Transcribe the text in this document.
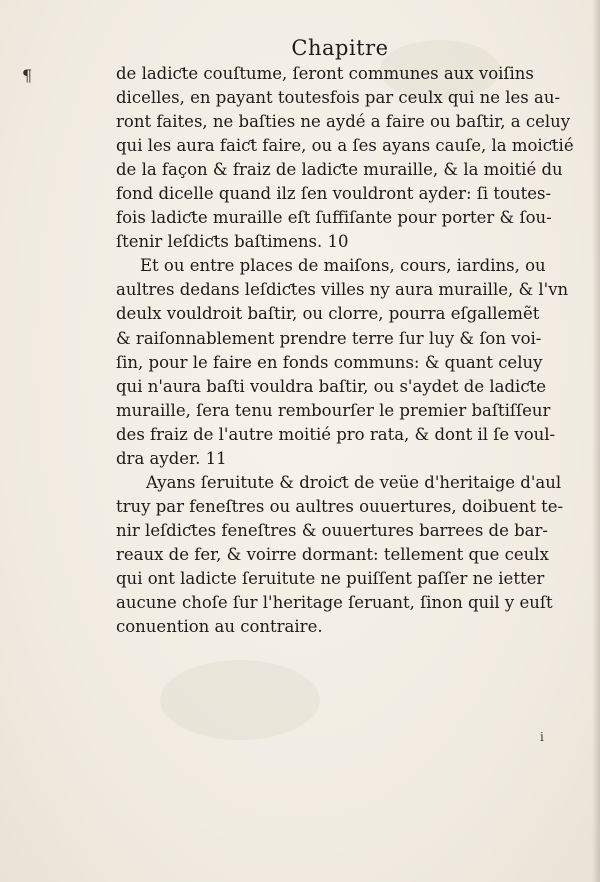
Chapitre
¶	de ladiƈte couſtume, ſeront communes aux voiſins
dicelles, en payant toutesfois par ceulx qui ne les au-
ront faites, ne baſties ne aydé a faire ou baſtir, a celuy
qui les aura faiƈt faire, ou a ſes ayans cauſe, la moiƈtié
de la façon & fraiz de ladiƈte muraille, & la moitié du
fond dicelle quand ilz ſen vouldront ayder: ſi toutes-
fois ladiƈte muraille eſt ſuffiſante pour porter & ſou-
ſtenir leſdiƈts baſtimens. 10
Et ou entre places de maiſons, cours, iardins, ou
aultres dedans leſdiƈtes villes ny aura muraille, & l'vn
deulx vouldroit baſtir, ou clorre, pourra eſgallemẽt
& raiſonnablement prendre terre ſur luy & ſon voi-
ſin, pour le faire en fonds communs: & quant celuy
qui n'aura baſti vouldra baſtir, ou s'aydet de ladiƈte
muraille, ſera tenu rembourſer le premier baſtiſſeur
des fraiz de l'autre moitié pro rata, & dont il ſe voul-
dra ayder. 11
Ayans ſeruitute & droiƈt de veüe d'heritaige d'aul
truy par feneſtres ou aultres ouuertures, doibuent te-
nir leſdiƈtes feneſtres & ouuertures barrees de bar-
reaux de fer, & voirre dormant: tellement que ceulx
qui ont ladicte ſeruitute ne puiſſent paſſer ne ietter
aucune choſe ſur l'heritage ſeruant, ſinon quil y euſt
conuention au contraire.
i
